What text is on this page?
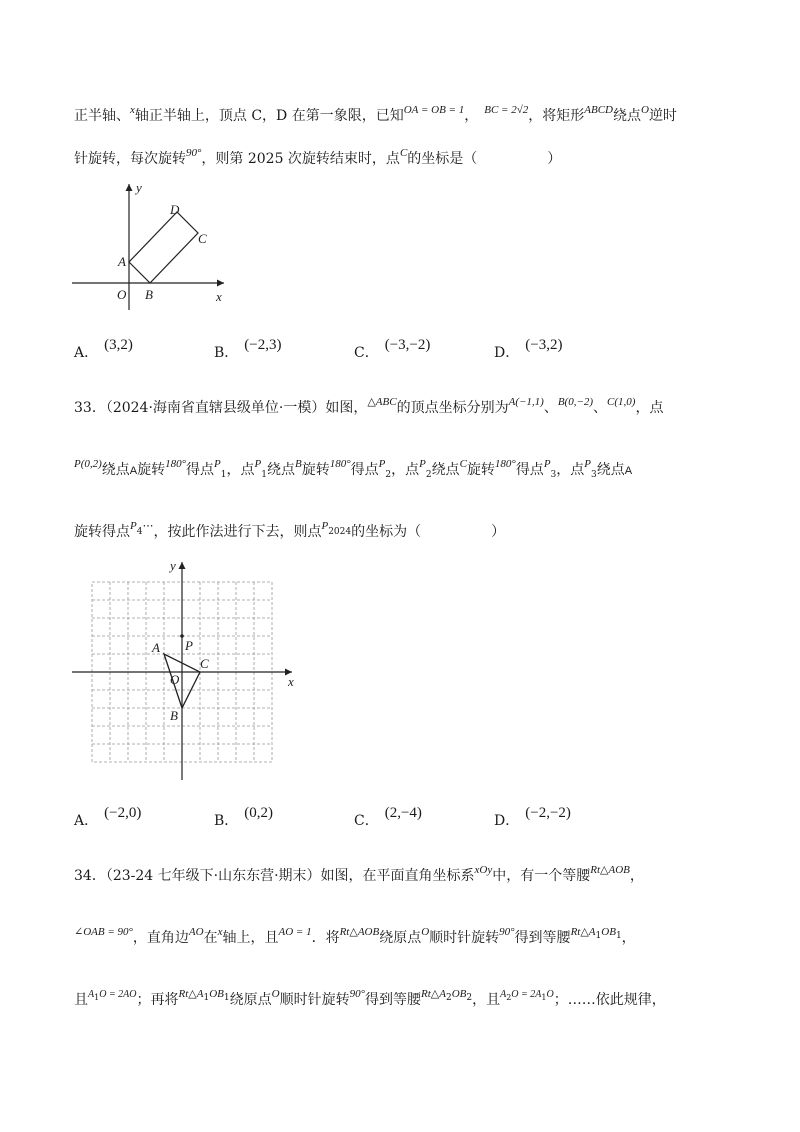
正半轴、$^x$轴正半轴上，顶点 C，D 在第一象限，已知$^{OA = OB = 1}$， $^{BC = 2√2}$，将矩形$^{ABCD}$绕点$^O$逆时
针旋转，每次旋转$^{90^\circ}$，则第 2025 次旋转结束时，点$^C$的坐标是（　　　　　）
y
x
O
A
B
C
D
A． (3,2)	B． (−2,3)	C． (−3,−2)	D． (−3,2)
33．（2024·海南省直辖县级单位·一模）如图，$^{\triangle ABC}$的顶点坐标分别为$^{A(-1,1)}$、$^{B(0,-2)}$、$^{C(1,0)}$，点
$^{P(0,2)}$绕点A旋转$^{180^\circ}$得点$^P_1$，点$^P_1$绕点$^B$旋转$^{180^\circ}$得点$^P_2$，点$^P_2$绕点$^C$旋转$^{180^\circ}$得点$^P_3$，点$^P_3$绕点A
旋转得点$^P$4⋯，按此作法进行下去，则点$^P$2024的坐标为（　　　　　）
y
x
O
A
B
C
P
A． (−2,0)	B． (0,2)	C． (2,−4)	D． (−2,−2)
34．（23-24 七年级下·山东东营·期末）如图，在平面直角坐标系$^{xOy}$中，有一个等腰$^{Rt\triangle AOB}$，
$^{\angle OAB = 90^\circ}$，直角边$^{AO}$在$^x$轴上，且$^{AO = 1}$．将$^{Rt\triangle AOB}$绕原点$^O$顺时针旋转$^{90^\circ}$得到等腰$^{Rt\triangle A1OB1}$，
且$^{A1O = 2AO}$；再将$^{Rt\triangle A1OB1}$绕原点$^O$顺时针旋转$^{90^\circ}$得到等腰$^{Rt\triangle A2OB2}$，且$^{A2O = 2A1O}$；……依此规律，
